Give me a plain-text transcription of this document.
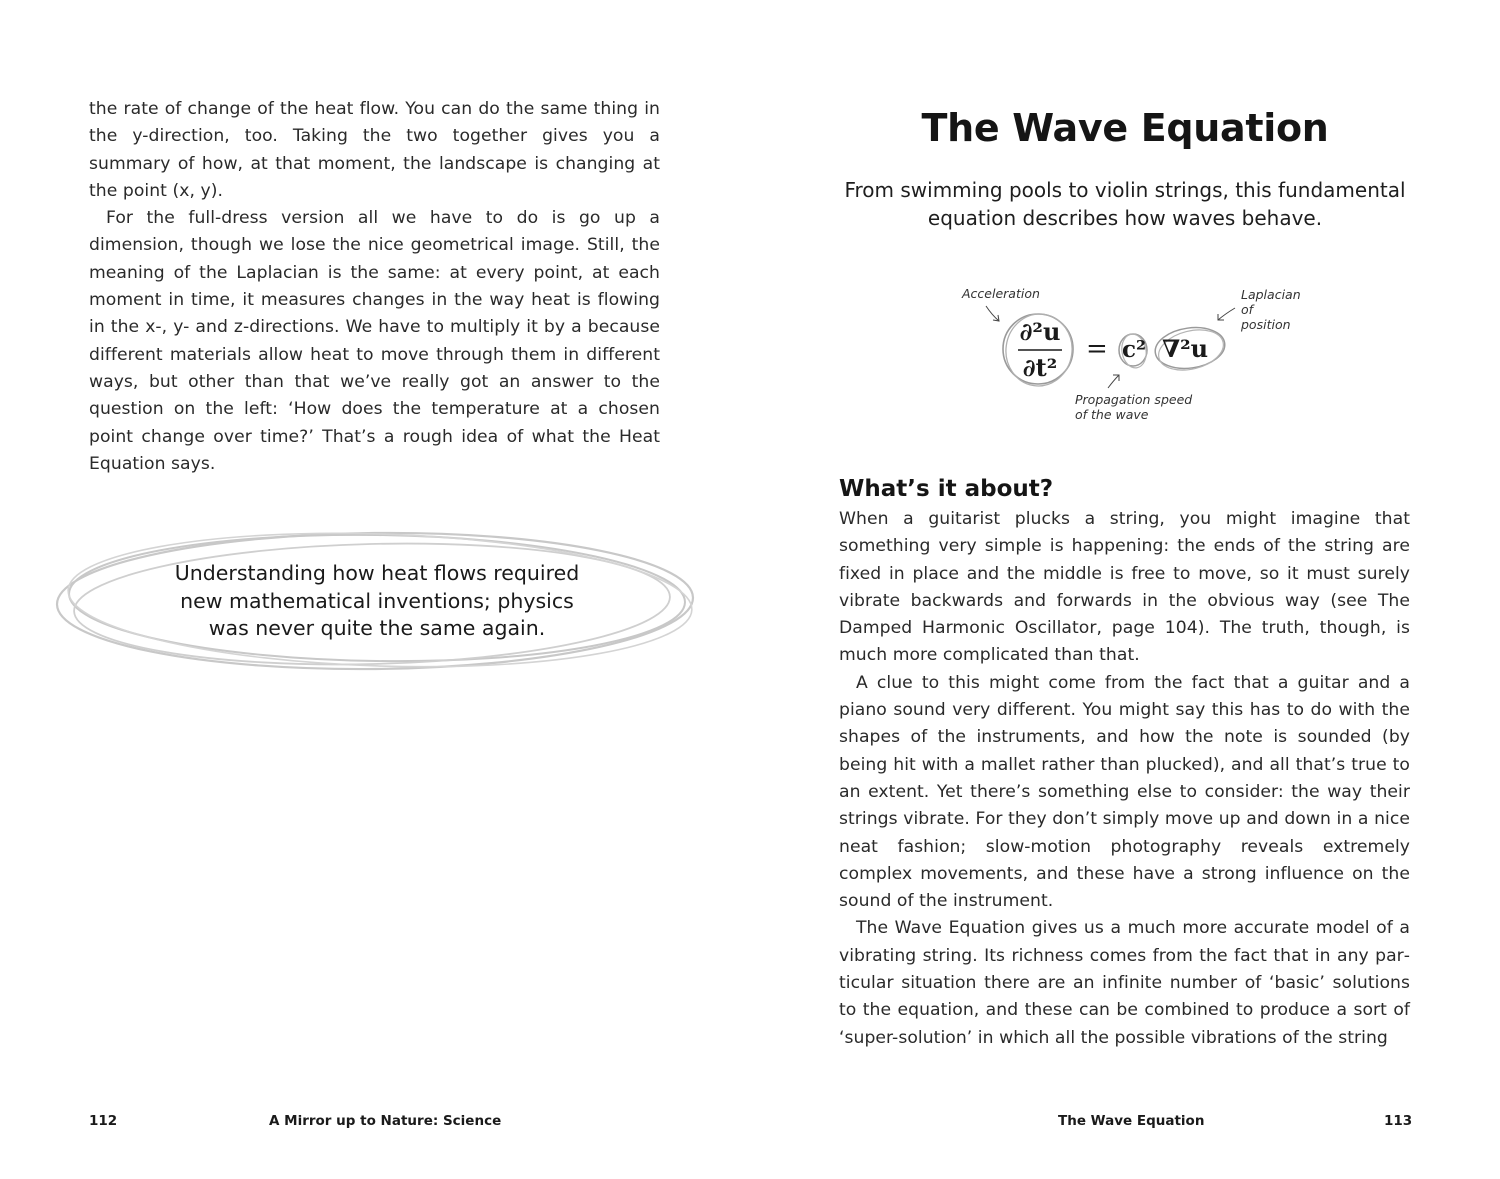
the rate of change of the heat flow. You can do the same thing in the y-direction, too. Taking the two together gives you a summary of how, at that moment, the landscape is changing at the point (x, y).

For the full-dress version all we have to do is go up a dimension, though we lose the nice geometrical image. Still, the meaning of the Laplacian is the same: at every point, at each moment in time, it measures changes in the way heat is flowing in the x-, y- and z-directions. We have to multiply it by a because different materials allow heat to move through them in different ways, but other than that we’ve really got an answer to the question on the left: ‘How does the temperature at a chosen point change over time?’ That’s a rough idea of what the Heat Equation says.

Understanding how heat flows required new mathematical inventions; physics was never quite the same again.
112	A Mirror up to Nature: Science
The Wave Equation

From swimming pools to violin strings, this fundamental equation describes how waves behave.

Acceleration	Laplacian of
position
Propagation speed
of the wave
∂²u
∂t²
= c² ∇²u
What’s it about?

When a guitarist plucks a string, you might imagine that something very simple is happening: the ends of the string are fixed in place and the middle is free to move, so it must surely vibrate backwards and forwards in the obvious way (see The Damped Harmonic Oscillator, page 104). The truth, though, is much more complicated than that.

A clue to this might come from the fact that a guitar and a piano sound very different. You might say this has to do with the shapes of the instruments, and how the note is sounded (by being hit with a mallet rather than plucked), and all that’s true to an extent. Yet there’s something else to consider: the way their strings vibrate. For they don’t simply move up and down in a nice neat fashion; slow-motion photography reveals extremely complex movements, and these have a strong influence on the sound of the instrument.

The Wave Equation gives us a much more accurate model of a vibrating string. Its richness comes from the fact that in any par ticular situation there are an infinite number of ‘basic’ solutions to the equation, and these can be combined to produce a sort of ‘super-solution’ in which all the possible vibrations of the string

The Wave Equation	113
